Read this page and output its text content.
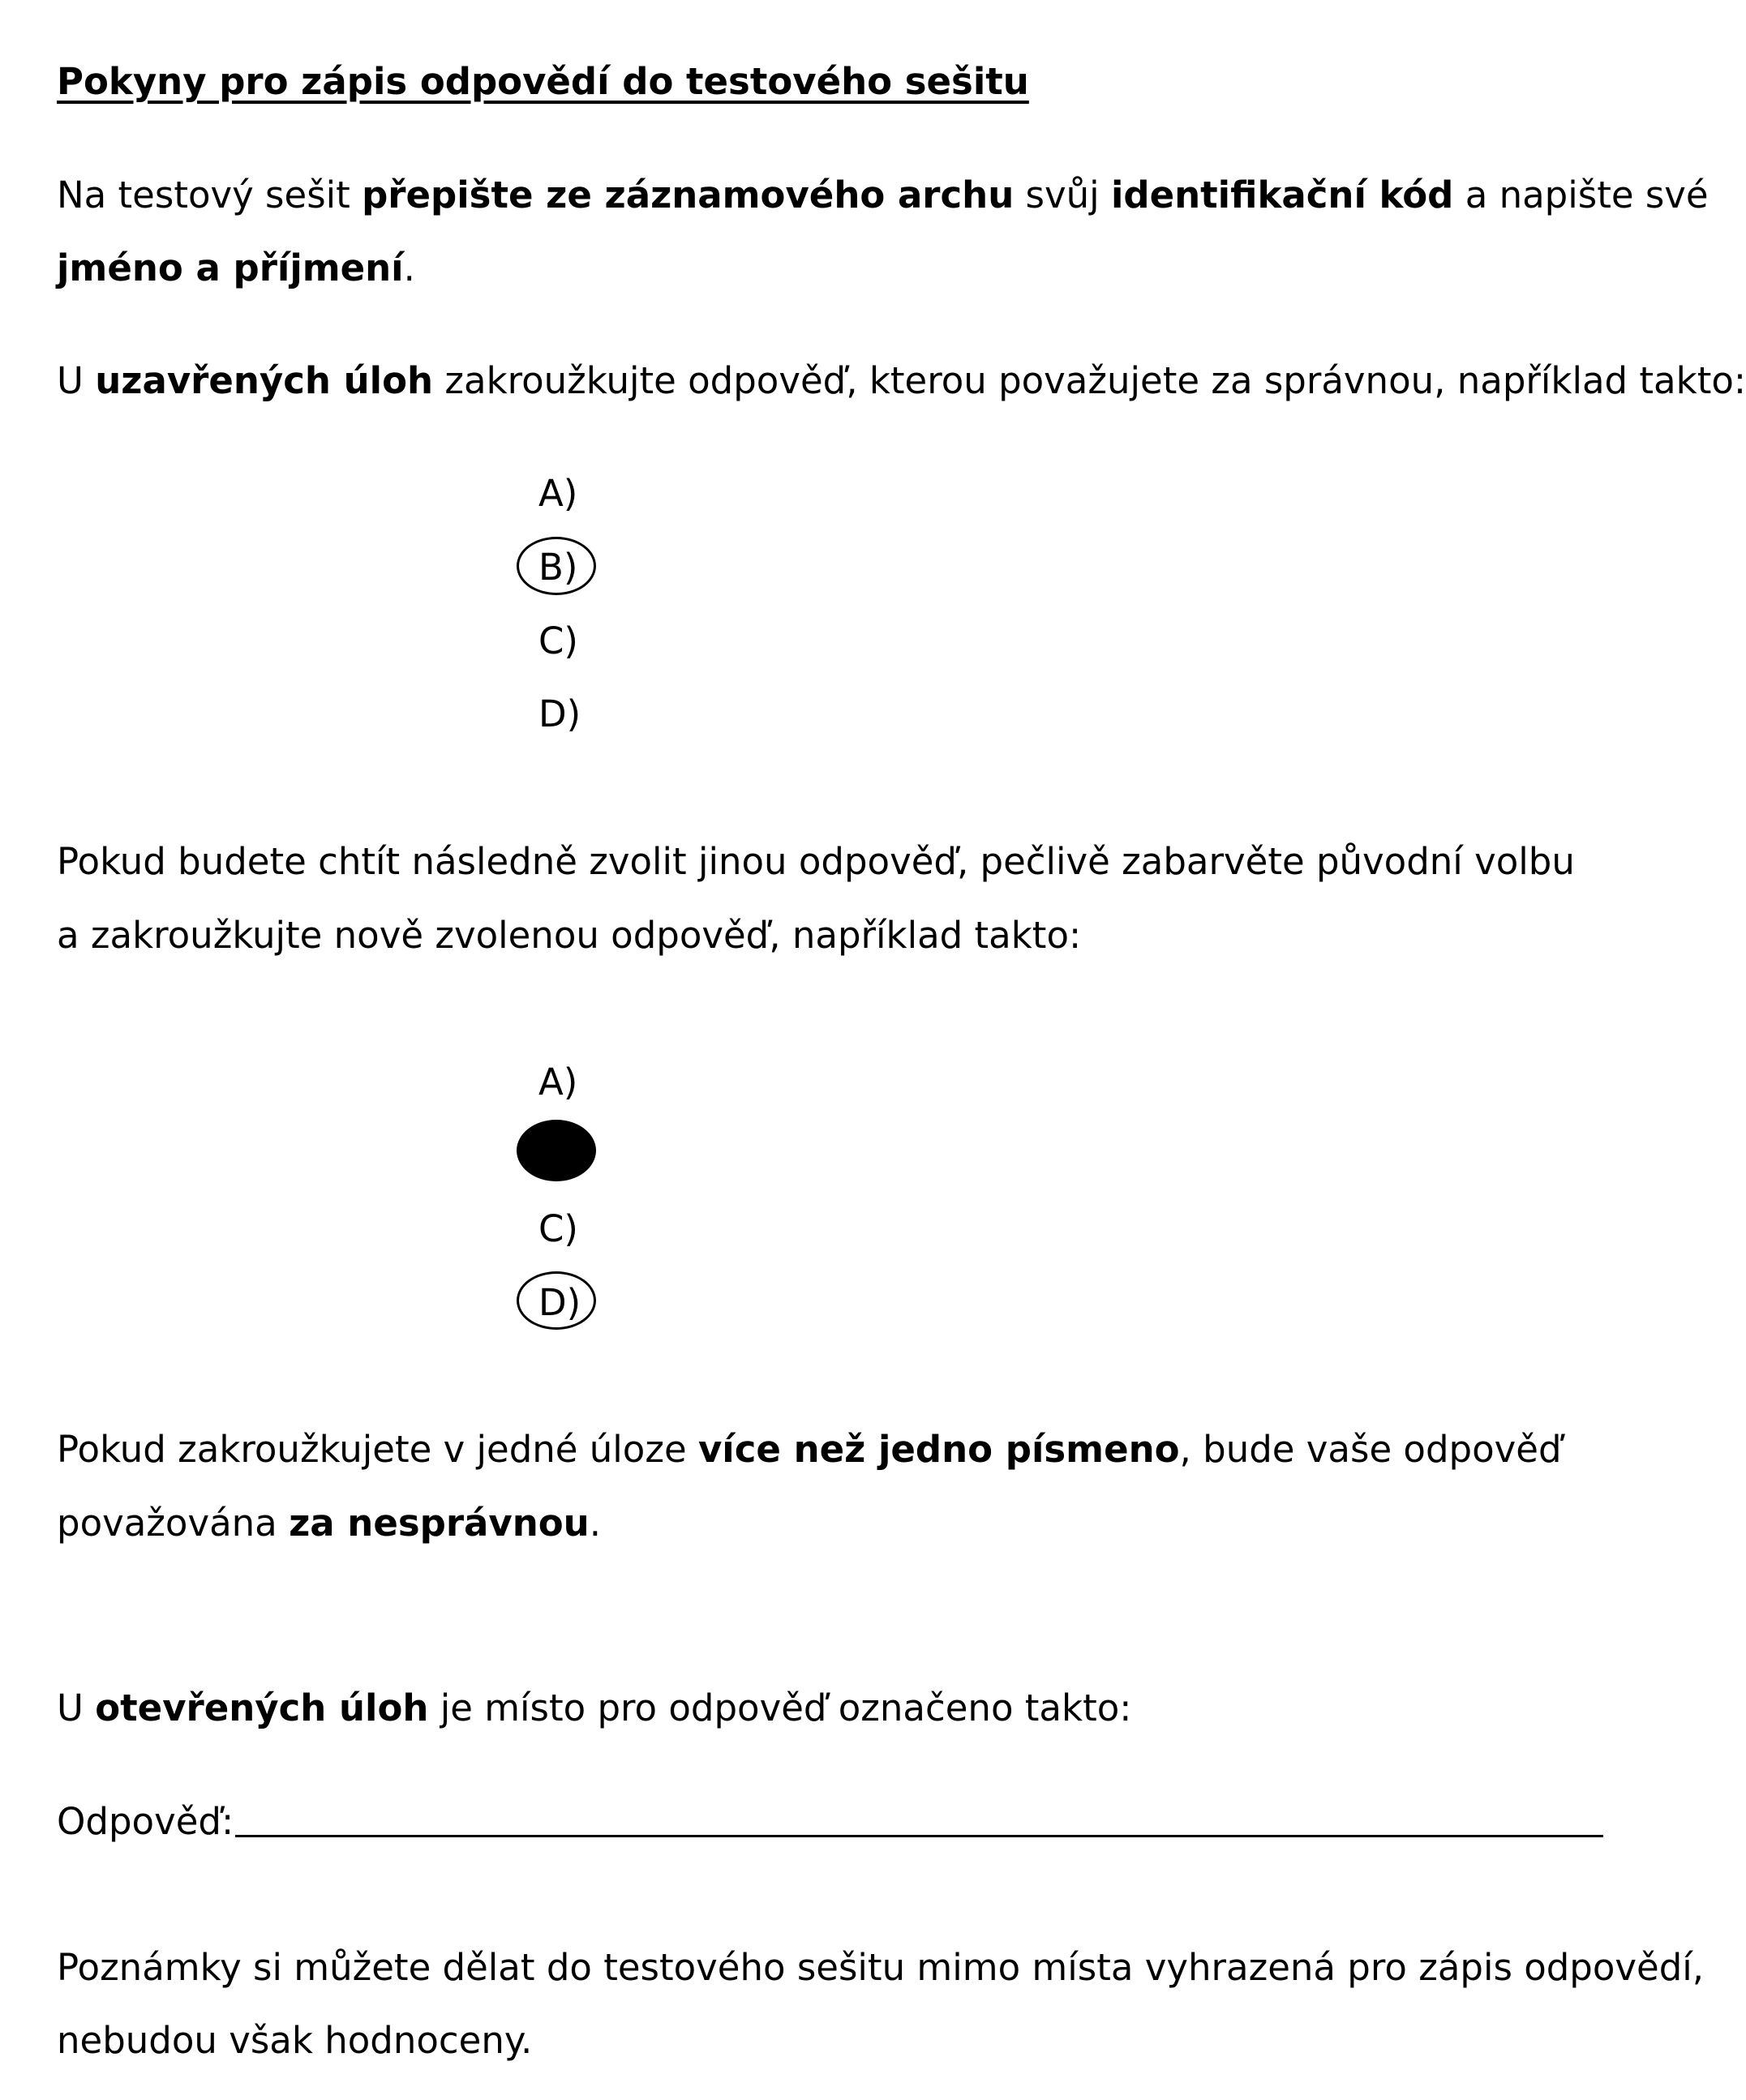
Pokyny pro zápis odpovědí do testového sešitu
Na testový sešit přepište ze záznamového archu svůj identifikační kód a napište své
jméno a příjmení.
U uzavřených úloh zakroužkujte odpověď, kterou považujete za správnou, například takto:
A)
B)
C)
D)
Pokud budete chtít následně zvolit jinou odpověď, pečlivě zabarvěte původní volbu
a zakroužkujte nově zvolenou odpověď, například takto:
A)
C)
D)
Pokud zakroužkujete v jedné úloze více než jedno písmeno, bude vaše odpověď
považována za nesprávnou.
U otevřených úloh je místo pro odpověď označeno takto:
Odpověď:
Poznámky si můžete dělat do testového sešitu mimo místa vyhrazená pro zápis odpovědí,
nebudou však hodnoceny.
